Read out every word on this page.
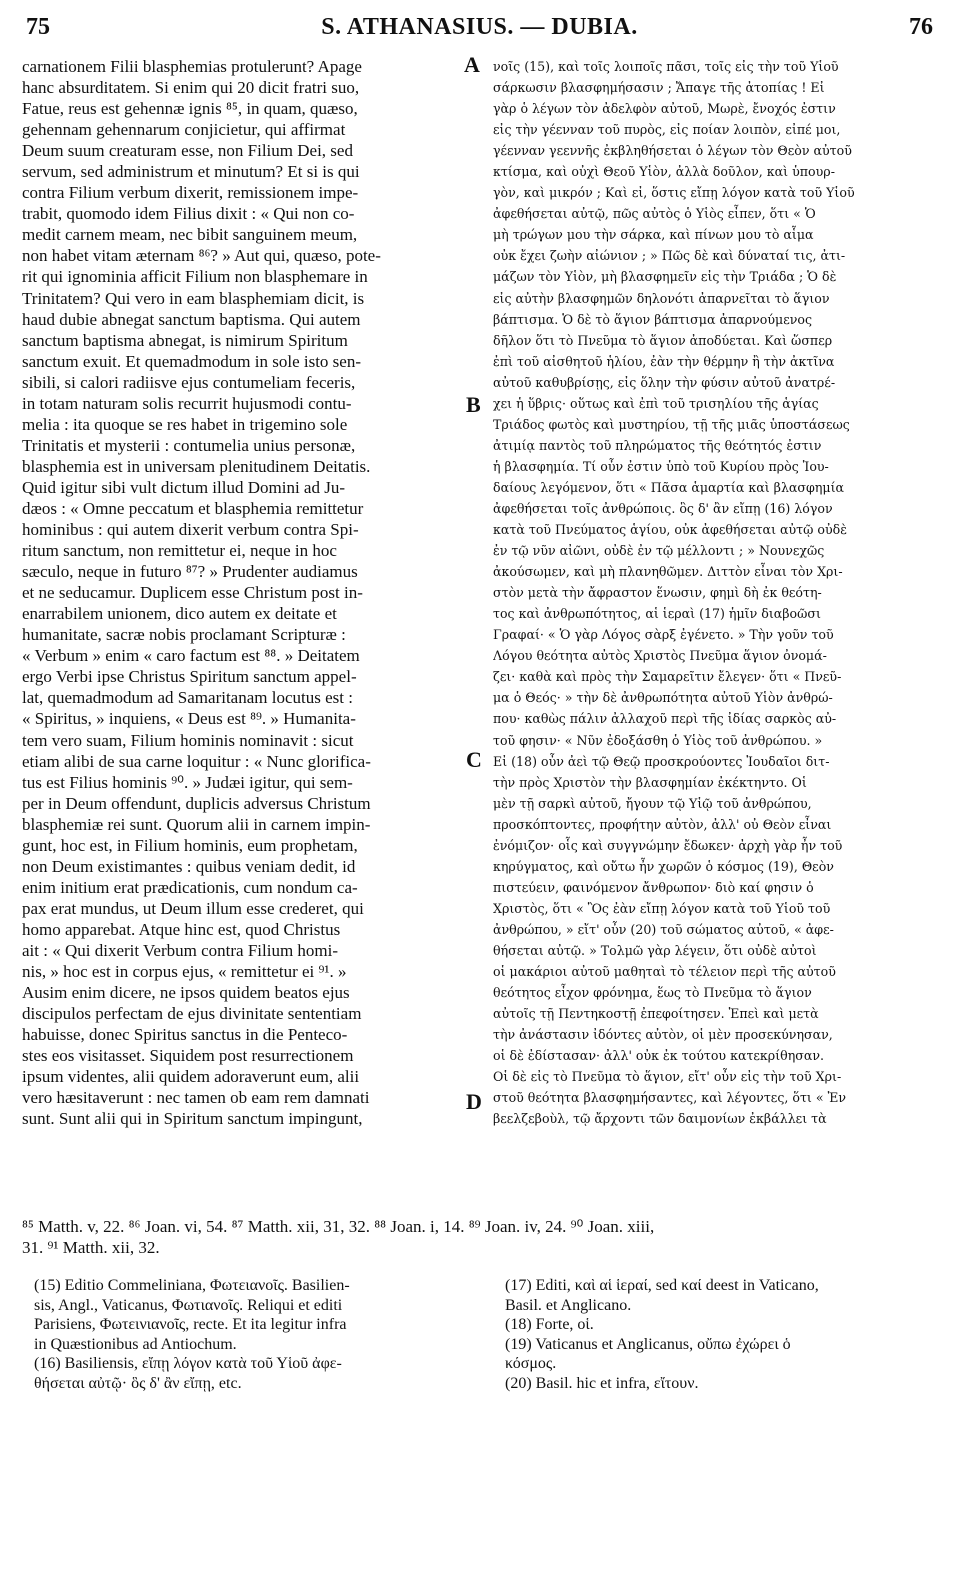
75	S. ATHANASIUS. — DUBIA.	76
carnationem Filii blasphemias protulerunt? Apage
hanc absurditatem. Si enim qui 20 dicit fratri suo,
Fatue, reus est gehennæ ignis ⁸⁵, in quam, quæso,
gehennam gehennarum conjicietur, qui affirmat
Deum suum creaturam esse, non Filium Dei, sed
servum, sed administrum et minutum? Et si is qui
contra Filium verbum dixerit, remissionem impe-
trabit, quomodo idem Filius dixit : « Qui non co-
medit carnem meam, nec bibit sanguinem meum,
non habet vitam æternam ⁸⁶? » Aut qui, quæso, pote-
rit qui ignominia afficit Filium non blasphemare in
Trinitatem? Qui vero in eam blasphemiam dicit, is
haud dubie abnegat sanctum baptisma. Qui autem
sanctum baptisma abnegat, is nimirum Spiritum
sanctum exuit. Et quemadmodum in sole isto sen-
sibili, si calori radiisve ejus contumeliam feceris,
in totam naturam solis recurrit hujusmodi contu-
melia : ita quoque se res habet in trigemino sole
Trinitatis et mysterii : contumelia unius personæ,
blasphemia est in universam plenitudinem Deitatis.
Quid igitur sibi vult dictum illud Domini ad Ju-
dæos : « Omne peccatum et blasphemia remittetur
hominibus : qui autem dixerit verbum contra Spi-
ritum sanctum, non remittetur ei, neque in hoc
sæculo, neque in futuro ⁸⁷? » Prudenter audiamus
et ne seducamur. Duplicem esse Christum post in-
enarrabilem unionem, dico autem ex deitate et
humanitate, sacræ nobis proclamant Scripturæ :
« Verbum » enim « caro factum est ⁸⁸. » Deitatem
ergo Verbi ipse Christus Spiritum sanctum appel-
lat, quemadmodum ad Samaritanam locutus est :
« Spiritus, » inquiens, « Deus est ⁸⁹. » Humanita-
tem vero suam, Filium hominis nominavit : sicut
etiam alibi de sua carne loquitur : « Nunc glorifica-
tus est Filius hominis ⁹⁰. » Judæi igitur, qui sem-
per in Deum offendunt, duplicis adversus Christum
blasphemiæ rei sunt. Quorum alii in carnem impin-
gunt, hoc est, in Filium hominis, eum prophetam,
non Deum existimantes : quibus veniam dedit, id
enim initium erat prædicationis, cum nondum ca-
pax erat mundus, ut Deum illum esse crederet, qui
homo apparebat. Atque hinc est, quod Christus
ait : « Qui dixerit Verbum contra Filium homi-
nis, » hoc est in corpus ejus, « remittetur ei ⁹¹. »
Ausim enim dicere, ne ipsos quidem beatos ejus
discipulos perfectam de ejus divinitate sententiam
habuisse, donec Spiritus sanctus in die Penteco-
stes eos visitasset. Siquidem post resurrectionem
ipsum videntes, alii quidem adoraverunt eum, alii
vero hæsitaverunt : nec tamen ob eam rem damnati
sunt. Sunt alii qui in Spiritum sanctum impingunt,
νοῖς (15), καὶ τοῖς λοιποῖς πᾶσι, τοῖς εἰς τὴν τοῦ Υἱοῦ
σάρκωσιν βλασφημήσασιν ; Ἄπαγε τῆς ἀτοπίας ! Εἰ
γὰρ ὁ λέγων τὸν ἀδελφὸν αὐτοῦ, Μωρὲ, ἔνοχός ἐστιν
εἰς τὴν γέενναν τοῦ πυρὸς, εἰς ποίαν λοιπὸν, εἰπέ μοι,
γέενναν γεεννῆς ἐκβληθήσεται ὁ λέγων τὸν Θεὸν αὐτοῦ
κτίσμα, καὶ οὐχὶ Θεοῦ Υἱὸν, ἀλλὰ δοῦλον, καὶ ὑπουρ-
γὸν, καὶ μικρόν ; Καὶ εἰ, ὅστις εἴπῃ λόγον κατὰ τοῦ Υἱοῦ
ἀφεθήσεται αὐτῷ, πῶς αὐτὸς ὁ Υἱὸς εἶπεν, ὅτι « Ὁ
μὴ τρώγων μου τὴν σάρκα, καὶ πίνων μου τὸ αἷμα
οὐκ ἔχει ζωὴν αἰώνιον ; » Πῶς δὲ καὶ δύναταί τις, ἀτι-
μάζων τὸν Υἱὸν, μὴ βλασφημεῖν εἰς τὴν Τριάδα ; Ὁ δὲ
εἰς αὐτὴν βλασφημῶν δηλονότι ἀπαρνεῖται τὸ ἅγιον
βάπτισμα. Ὁ δὲ τὸ ἅγιον βάπτισμα ἀπαρνούμενος
δῆλον ὅτι τὸ Πνεῦμα τὸ ἅγιον ἀποδύεται. Καὶ ὥσπερ
ἐπὶ τοῦ αἰσθητοῦ ἡλίου, ἐὰν τὴν θέρμην ἢ τὴν ἀκτῖνα
αὐτοῦ καθυβρίσῃς, εἰς ὅλην τὴν φύσιν αὐτοῦ ἀνατρέ-
χει ἡ ὕβρις· οὕτως καὶ ἐπὶ τοῦ τρισηλίου τῆς ἁγίας
Τριάδος φωτὸς καὶ μυστηρίου, τῇ τῆς μιᾶς ὑποστάσεως
ἀτιμίᾳ παντὸς τοῦ πληρώματος τῆς θεότητός ἐστιν
ἡ βλασφημία. Τί οὖν ἐστιν ὑπὸ τοῦ Κυρίου πρὸς Ἰου-
δαίους λεγόμενον, ὅτι « Πᾶσα ἁμαρτία καὶ βλασφημία
ἀφεθήσεται τοῖς ἀνθρώποις. ὃς δ' ἂν εἴπῃ (16) λόγον
κατὰ τοῦ Πνεύματος ἁγίου, οὐκ ἀφεθήσεται αὐτῷ οὐδὲ
ἐν τῷ νῦν αἰῶνι, οὐδὲ ἐν τῷ μέλλοντι ; » Νουνεχῶς
ἀκούσωμεν, καὶ μὴ πλανηθῶμεν. Διττὸν εἶναι τὸν Χρι-
στὸν μετὰ τὴν ἄφραστον ἕνωσιν, φημὶ δὴ ἐκ θεότη-
τος καὶ ἀνθρωπότητος, αἱ ἱεραὶ (17) ἡμῖν διαβοῶσι
Γραφαί· « Ὁ γὰρ Λόγος σὰρξ ἐγένετο. » Τὴν γοῦν τοῦ
Λόγου θεότητα αὐτὸς Χριστὸς Πνεῦμα ἅγιον ὀνομά-
ζει· καθὰ καὶ πρὸς τὴν Σαμαρεῖτιν ἔλεγεν· ὅτι « Πνεῦ-
μα ὁ Θεός· » τὴν δὲ ἀνθρωπότητα αὐτοῦ Υἱὸν ἀνθρώ-
που· καθὼς πάλιν ἀλλαχοῦ περὶ τῆς ἰδίας σαρκὸς αὐ-
τοῦ φησιν· « Νῦν ἐδοξάσθη ὁ Υἱὸς τοῦ ἀνθρώπου. »
Εἰ (18) οὖν ἀεὶ τῷ Θεῷ προσκρούοντες Ἰουδαῖοι διτ-
τὴν πρὸς Χριστὸν τὴν βλασφημίαν ἐκέκτηντο. Οἱ
μὲν τῇ σαρκὶ αὐτοῦ, ἤγουν τῷ Υἱῷ τοῦ ἀνθρώπου,
προσκόπτοντες, προφήτην αὐτὸν, ἀλλ' οὐ Θεὸν εἶναι
ἐνόμιζον· οἷς καὶ συγγνώμην ἔδωκεν· ἀρχὴ γὰρ ἦν τοῦ
κηρύγματος, καὶ οὔτω ἦν χωρῶν ὁ κόσμος (19), Θεὸν
πιστεύειν, φαινόμενον ἄνθρωπον· διὸ καί φησιν ὁ
Χριστὸς, ὅτι « Ὃς ἐὰν εἴπῃ λόγον κατὰ τοῦ Υἱοῦ τοῦ
ἀνθρώπου, » εἴτ' οὖν (20) τοῦ σώματος αὐτοῦ, « ἀφε-
θήσεται αὐτῷ. » Τολμῶ γὰρ λέγειν, ὅτι οὐδὲ αὐτοὶ
οἱ μακάριοι αὐτοῦ μαθηταὶ τὸ τέλειον περὶ τῆς αὐτοῦ
θεότητος εἶχον φρόνημα, ἕως τὸ Πνεῦμα τὸ ἅγιον
αὐτοῖς τῇ Πεντηκοστῇ ἐπεφοίτησεν. Ἐπεὶ καὶ μετὰ
τὴν ἀνάστασιν ἰδόντες αὐτὸν, οἱ μὲν προσεκύνησαν,
οἱ δὲ ἐδίστασαν· ἀλλ' οὐκ ἐκ τούτου κατεκρίθησαν.
Οἱ δὲ εἰς τὸ Πνεῦμα τὸ ἅγιον, εἴτ' οὖν εἰς τὴν τοῦ Χρι-
στοῦ θεότητα βλασφημήσαντες, καὶ λέγοντες, ὅτι « Ἐν
βεελζεβοὺλ, τῷ ἄρχοντι τῶν δαιμονίων ἐκβάλλει τὰ
A
B
C
D
⁸⁵ Matth. v, 22. ⁸⁶ Joan. vi, 54. ⁸⁷ Matth. xii, 31, 32. ⁸⁸ Joan. i, 14. ⁸⁹ Joan. iv, 24. ⁹⁰ Joan. xiii,
31. ⁹¹ Matth. xii, 32.
(15) Editio Commeliniana, Φωτειανοῖς. Basilien-
sis, Angl., Vaticanus, Φωτιανοῖς. Reliqui et editi
Parisiens, Φωτεινιανοῖς, recte. Et ita legitur infra
in Quæstionibus ad Antiochum.
(16) Basiliensis, εἴπῃ λόγον κατὰ τοῦ Υἱοῦ ἀφε-
θήσεται αὐτῷ· ὃς δ' ἂν εἴπῃ, etc.
(17) Editi, καὶ αἱ ἱεραί, sed καί deest in Vaticano,
Basil. et Anglicano.
(18) Forte, οἱ.
(19) Vaticanus et Anglicanus, οὔπω ἐχώρει ὁ
κόσμος.
(20) Basil. hic et infra, εἴτουν.
